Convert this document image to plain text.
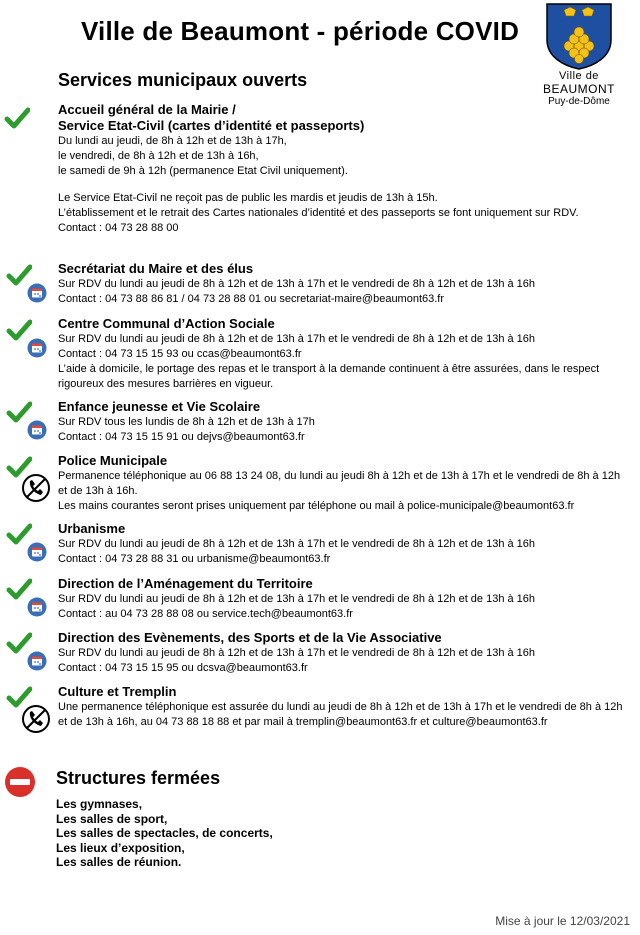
Ville de Beaumont - période COVID
Ville de
BEAUMONT
Puy-de-Dôme
Services municipaux ouverts
Accueil général de la Mairie /
Service Etat-Civil (cartes d’identité et passeports)
Du lundi au jeudi, de 8h à 12h et de 13h à 17h,
le vendredi, de 8h à 12h et de 13h à 16h,
le samedi de 9h à 12h (permanence Etat Civil uniquement).
Le Service Etat-Civil ne reçoit pas de public les mardis et jeudis de 13h à 15h.
L’établissement et le retrait des Cartes nationales d’identité et des passeports se font uniquement sur RDV.
Contact : 04 73 28 88 00
Secrétariat du Maire et des élus
Sur RDV du lundi au jeudi de 8h à 12h et de 13h à 17h et le vendredi de 8h à 12h et de 13h à 16h
Contact : 04 73 88 86 81 / 04 73 28 88 01 ou secretariat-maire@beaumont63.fr
Centre Communal d’Action Sociale
Sur RDV du lundi au jeudi de 8h à 12h et de 13h à 17h et le vendredi de 8h à 12h et de 13h à 16h
Contact : 04 73 15 15 93 ou ccas@beaumont63.fr
L’aide à domicile, le portage des repas et le transport à la demande continuent à être assurées, dans le respect rigoureux des mesures barrières en vigueur.
Enfance jeunesse et Vie Scolaire
Sur RDV tous les lundis de 8h à 12h et de 13h à 17h
Contact : 04 73 15 15 91 ou dejvs@beaumont63.fr
Police Municipale
Permanence téléphonique au 06 88 13 24 08, du lundi au jeudi 8h à 12h et de 13h à 17h et le vendredi de 8h à 12h et de 13h à 16h.
Les mains courantes seront prises uniquement par téléphone ou mail à police-municipale@beaumont63.fr
Urbanisme
Sur RDV du lundi au jeudi de 8h à 12h et de 13h à 17h et le vendredi de 8h à 12h et de 13h à 16h
Contact : 04 73 28 88 31 ou urbanisme@beaumont63.fr
Direction de l’Aménagement du Territoire
Sur RDV du lundi au jeudi de 8h à 12h et de 13h à 17h et le vendredi de 8h à 12h et de 13h à 16h
Contact : au 04 73 28 88 08 ou service.tech@beaumont63.fr
Direction des Evènements, des Sports et de la Vie Associative
Sur RDV du lundi au jeudi de 8h à 12h et de 13h à 17h et le vendredi de 8h à 12h et de 13h à 16h
Contact : 04 73 15 15 95 ou dcsva@beaumont63.fr
Culture et Tremplin
Une permanence téléphonique est assurée du lundi au jeudi de 8h à 12h et de 13h à 17h et le vendredi de 8h à 12h et de 13h à 16h, au 04 73 88 18 88 et par mail à tremplin@beaumont63.fr et culture@beaumont63.fr
Structures fermées
Les gymnases,
Les salles de sport,
Les salles de spectacles, de concerts,
Les lieux d’exposition,
Les salles de réunion.
Mise à jour le 12/03/2021
